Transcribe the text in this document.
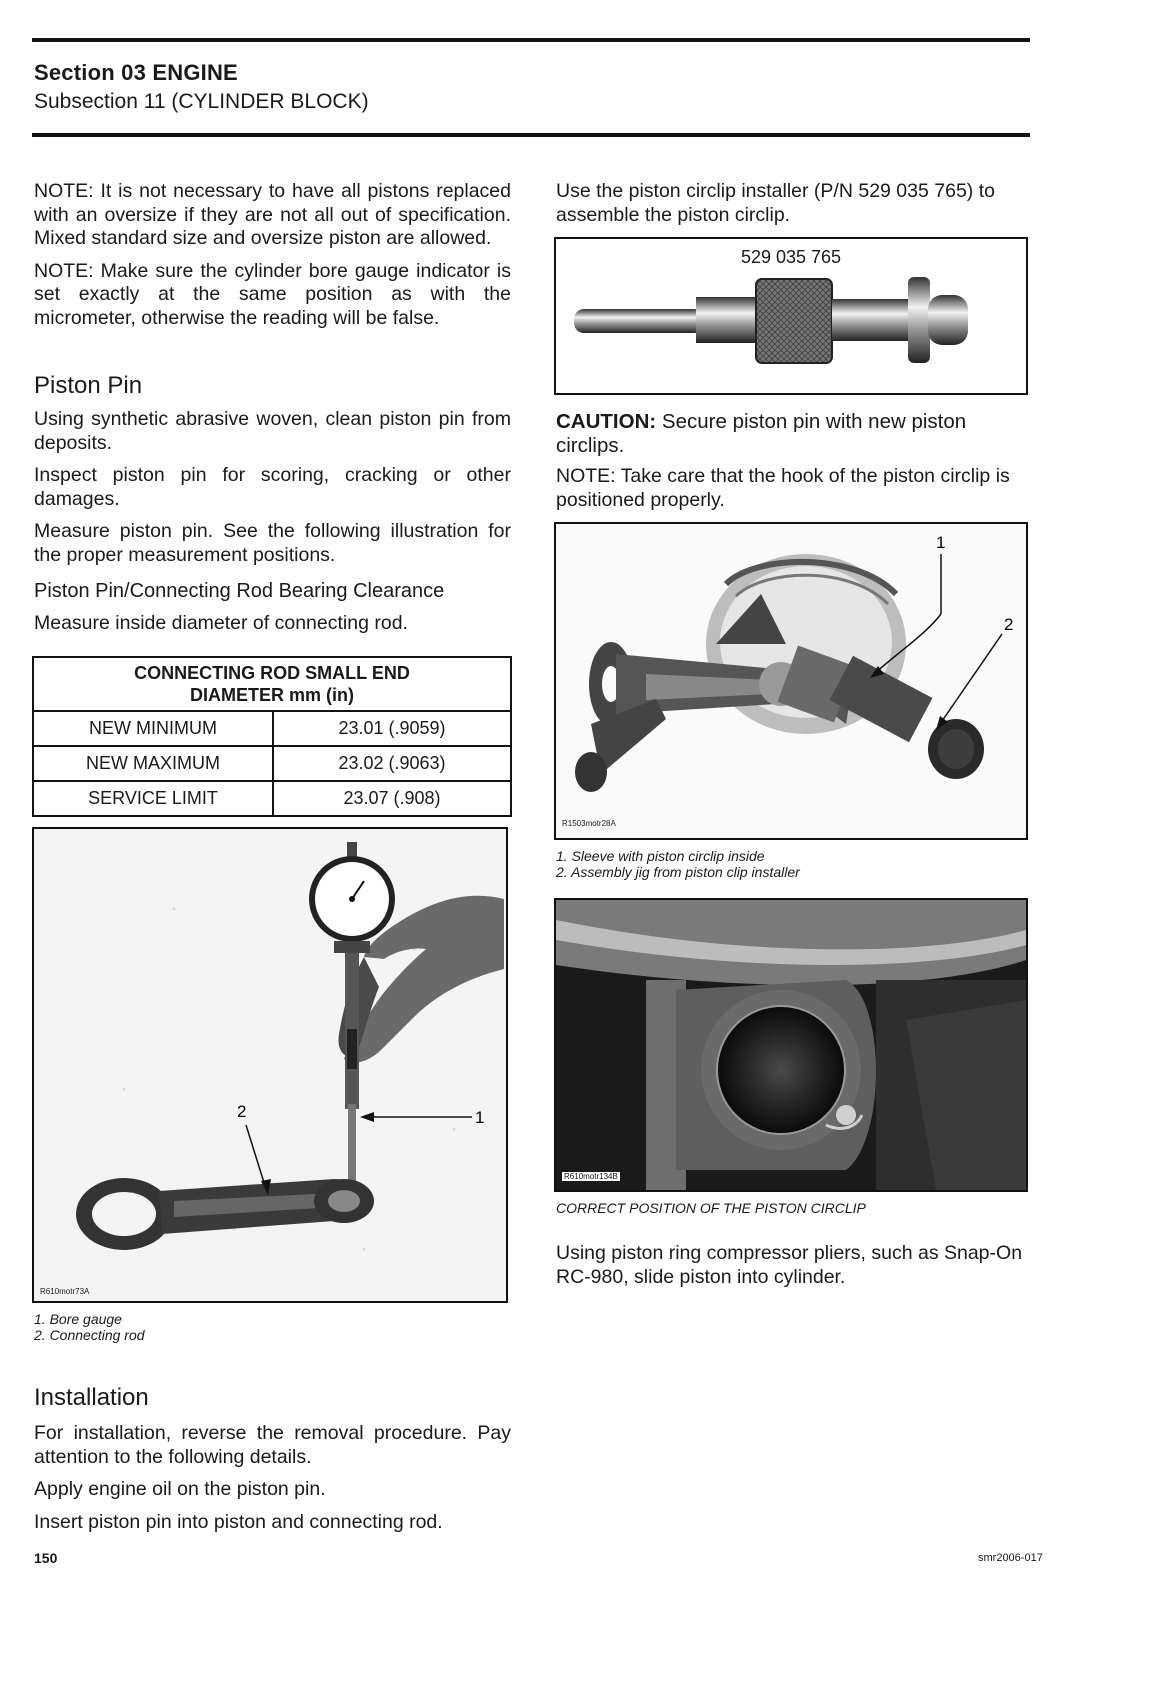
Section 03 ENGINE
Subsection 11 (CYLINDER BLOCK)

NOTE: It is not necessary to have all pistons replaced with an oversize if they are not all out of specification. Mixed standard size and oversize piston are allowed.

NOTE: Make sure the cylinder bore gauge indicator is set exactly at the same position as with the micrometer, otherwise the reading will be false.

Piston Pin

Using synthetic abrasive woven, clean piston pin from deposits.

Inspect piston pin for scoring, cracking or other damages.

Measure piston pin. See the following illustration for the proper measurement positions.

Piston Pin/Connecting Rod Bearing Clearance
Measure inside diameter of connecting rod.
CONNECTING ROD SMALL END
DIAMETER mm (in)	
NEW MINIMUM	23.01 (.9059)
NEW MAXIMUM	23.02 (.9063)
SERVICE LIMIT	23.07 (.908)
1
2
R610motr73A
1. Bore gauge
2. Connecting rod
Installation

For installation, reverse the removal procedure. Pay attention to the following details.

Apply engine oil on the piston pin.

Insert piston pin into piston and connecting rod.

Use the piston circlip installer (P/N 529 035 765) to assemble the piston circlip.

529 035 765
CAUTION: Secure piston pin with new piston circlips.
NOTE: Take care that the hook of the piston circlip is positioned properly.
1
2
R1503motr28A
1. Sleeve with piston circlip inside
2. Assembly jig from piston clip installer
R610motr134B
CORRECT POSITION OF THE PISTON CIRCLIP
Using piston ring compressor pliers, such as Snap-On RC-980, slide piston into cylinder.
150	smr2006-017
